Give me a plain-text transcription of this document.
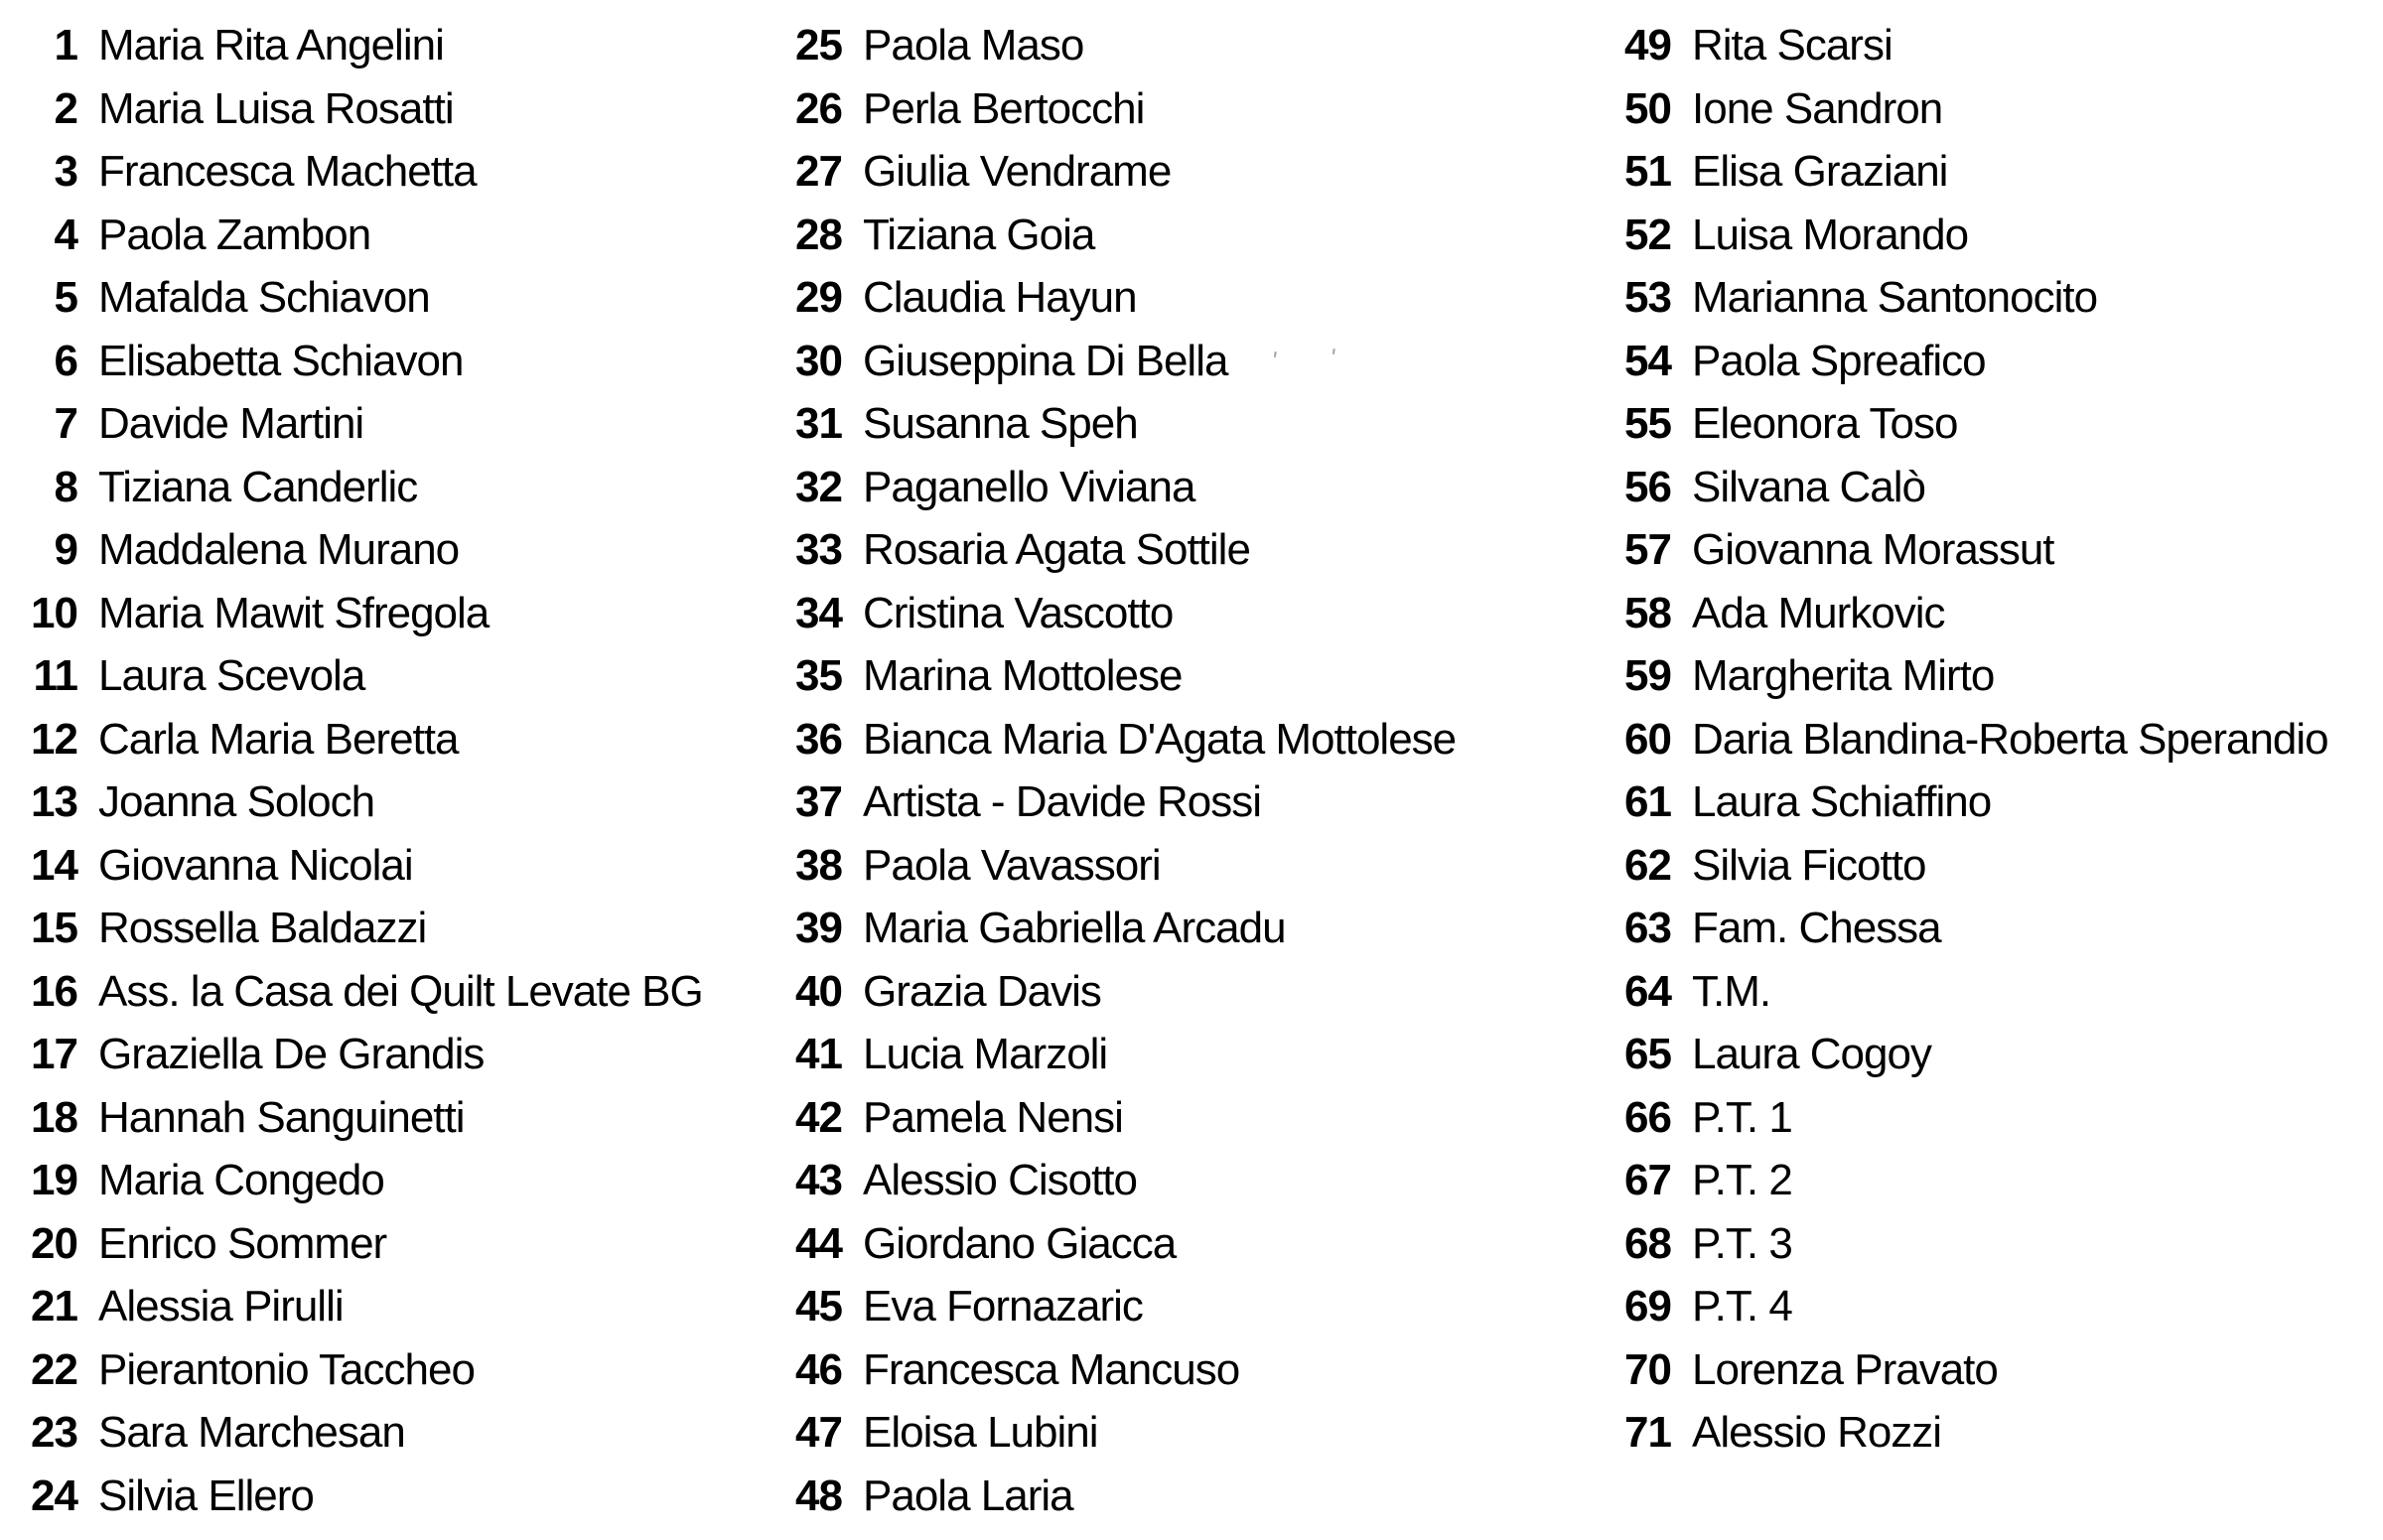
1 Maria Rita Angelini
2 Maria Luisa Rosatti
3 Francesca Machetta
4 Paola Zambon
5 Mafalda Schiavon
6 Elisabetta Schiavon
7 Davide Martini
8 Tiziana Canderlic
9 Maddalena Murano
10 Maria Mawit Sfregola
11 Laura Scevola
12 Carla Maria Beretta
13 Joanna Soloch
14 Giovanna Nicolai
15 Rossella Baldazzi
16 Ass. la Casa dei Quilt Levate BG
17 Graziella De Grandis
18 Hannah Sanguinetti
19 Maria Congedo
20 Enrico Sommer
21 Alessia Pirulli
22 Pierantonio Taccheo
23 Sara Marchesan
24 Silvia Ellero
25 Paola Maso
26 Perla Bertocchi
27 Giulia Vendrame
28 Tiziana Goia
29 Claudia Hayun
30 Giuseppina Di Bella
31 Susanna Speh
32 Paganello Viviana
33 Rosaria Agata Sottile
34 Cristina Vascotto
35 Marina Mottolese
36 Bianca Maria D'Agata Mottolese
37 Artista - Davide Rossi
38 Paola Vavassori
39 Maria Gabriella Arcadu
40 Grazia Davis
41 Lucia Marzoli
42 Pamela Nensi
43 Alessio Cisotto
44 Giordano Giacca
45 Eva Fornazaric
46 Francesca Mancuso
47 Eloisa Lubini
48 Paola Laria
49 Rita Scarsi
50 Ione Sandron
51 Elisa Graziani
52 Luisa Morando
53 Marianna Santonocito
54 Paola Spreafico
55 Eleonora Toso
56 Silvana Calò
57 Giovanna Morassut
58 Ada Murkovic
59 Margherita Mirto
60 Daria Blandina-Roberta Sperandio
61 Laura Schiaffino
62 Silvia Ficotto
63 Fam. Chessa
64 T.M.
65 Laura Cogoy
66 P.T. 1
67 P.T. 2
68 P.T. 3
69 P.T. 4
70 Lorenza Pravato
71 Alessio Rozzi
' '
